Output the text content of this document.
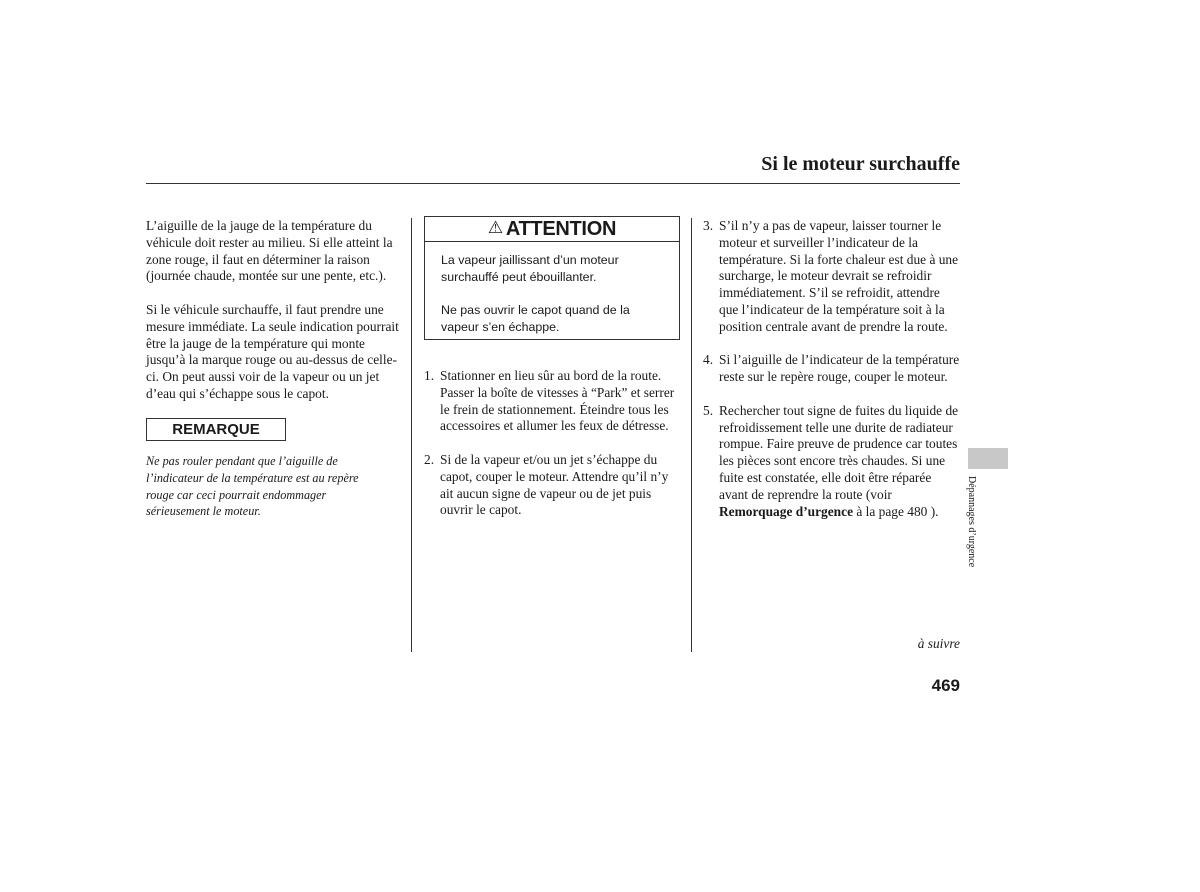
Si le moteur surchauffe

L’aiguille de la jauge de la température du véhicule doit rester au milieu. Si elle atteint la zone rouge, il faut en déterminer la raison (journée chaude, montée sur une pente, etc.).

Si le véhicule surchauffe, il faut prendre une mesure immédiate. La seule indication pourrait être la jauge de la température qui monte jusqu’à la marque rouge ou au-dessus de celle-ci. On peut aussi voir de la vapeur ou un jet d’eau qui s’échappe sous le capot.

REMARQUE

Ne pas rouler pendant que l’aiguille de l’indicateur de la température est au repère rouge car ceci pourrait endommager sérieusement le moteur.

⚠ ATTENTION

La vapeur jaillissant d’un moteur surchauffé peut ébouillanter.

Ne pas ouvrir le capot quand de la vapeur s’en échappe.

1. Stationner en lieu sûr au bord de la route. Passer la boîte de vitesses à “Park” et serrer le frein de stationnement. Éteindre tous les accessoires et allumer les feux de détresse.
2. Si de la vapeur et/ou un jet s’échappe du capot, couper le moteur. Attendre qu’il n’y ait aucun signe de vapeur ou de jet puis ouvrir le capot.
3. S’il n’y a pas de vapeur, laisser tourner le moteur et surveiller l’indicateur de la température. Si la forte chaleur est due à une surcharge, le moteur devrait se refroidir immédiatement. S’il se refroidit, attendre que l’indicateur de la température soit à la position centrale avant de prendre la route.
4. Si l’aiguille de l’indicateur de la température reste sur le repère rouge, couper le moteur.
5. Rechercher tout signe de fuites du liquide de refroidissement telle une durite de radiateur rompue. Faire preuve de prudence car toutes les pièces sont encore très chaudes. Si une fuite est constatée, elle doit être réparée avant de reprendre la route (voir Remorquage d’urgence à la page 480 ).	Dépannages d’urgence
à suivre
469
